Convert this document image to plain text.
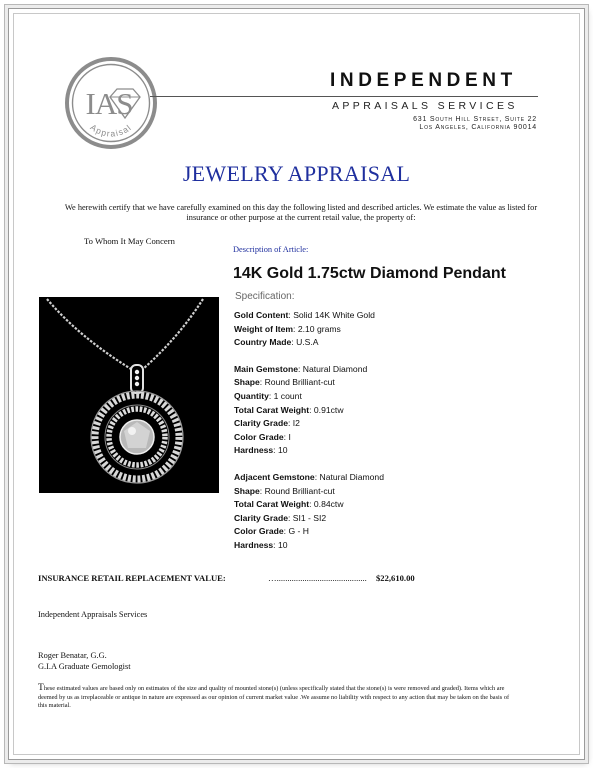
IAS
Appraisal
INDEPENDENT
APPRAISALS SERVICES
631 South Hill Street, Suite 22
Los Angeles, California 90014
JEWELRY APPRAISAL
We herewith certify that we have carefully examined on this day the following listed and described articles. We estimate the value as listed for insurance or other purpose at the current retail value, the property of:
To Whom It May Concern
Description of Article:
14K Gold 1.75ctw Diamond Pendant
Specification:
Gold Content: Solid 14K White Gold
Weight of Item: 2.10 grams
Country Made: U.S.A
Main Gemstone: Natural Diamond
Shape: Round Brilliant-cut
Quantity: 1 count
Total Carat Weight: 0.91ctw
Clarity Grade: I2
Color Grade: I
Hardness: 10
Adjacent Gemstone: Natural Diamond
Shape: Round Brilliant-cut
Total Carat Weight: 0.84ctw
Clarity Grade: SI1 - SI2
Color Grade: G - H
Hardness: 10
INSURANCE RETAIL REPLACEMENT VALUE:	….......................................... $22,610.00
Independent Appraisals Services
Roger Benatar, G.G.
G.I.A Graduate Gemologist
These estimated values are based only on estimates of the size and quality of mounted stone(s) (unless specifically stated that the stone(s) is were removed and graded). Items which are deemed by us as irreplaceable or antique in nature are expressed as our opinion of current market value .We assume no liability with respect to any action that may be taken on the basis of this material.
